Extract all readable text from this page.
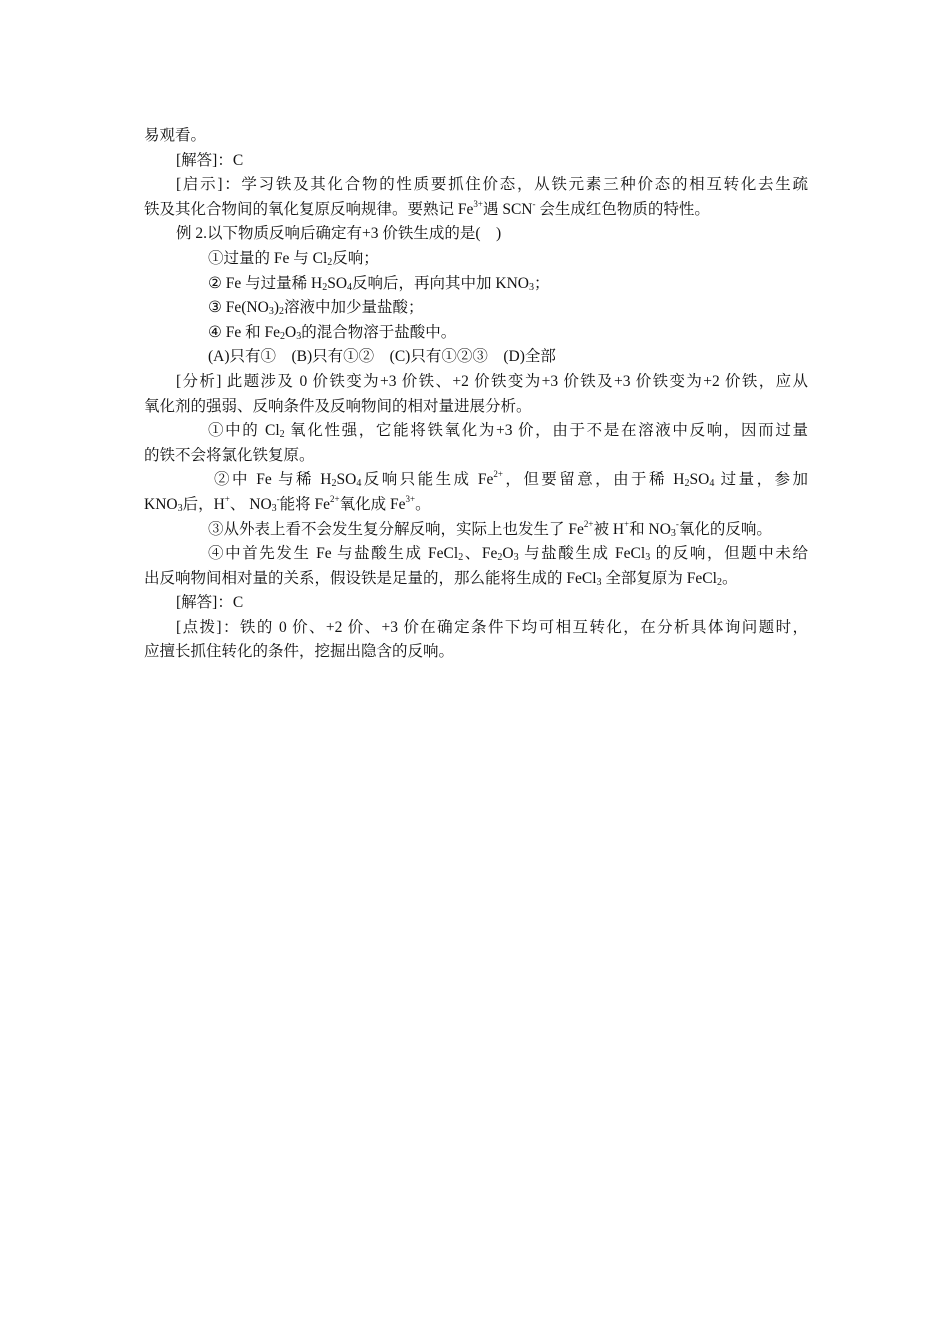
易观看。
[解答]：C
[启示]：学习铁及其化合物的性质要抓住价态，从铁元素三种价态的相互转化去生疏
铁及其化合物间的氧化复原反响规律。要熟记 $Fe^{3+}$遇 SCN- 会生成红色物质的特性。
例 2.以下物质反响后确定有+3 价铁生成的是(　)
①过量的 Fe 与 $Cl_2$反响；
② Fe 与过量稀 $H_2SO_4$反响后，再向其中加 $KNO_3$；
③ $Fe(NO_3)_2$溶液中加少量盐酸；
④ Fe 和 $Fe_2O_3$的混合物溶于盐酸中。
(A)只有①　(B)只有①②　(C)只有①②③　(D)全部
[分析] 此题涉及 0 价铁变为+3 价铁、+2 价铁变为+3 价铁及+3 价铁变为+2 价铁，应从
氧化剂的强弱、反响条件及反响物间的相对量进展分析。
①中的 $Cl_2$ 氧化性强，它能将铁氧化为+3 价，由于不是在溶液中反响，因而过量
的铁不会将氯化铁复原。
②中 Fe 与稀 $H_2SO_4$反响只能生成 $Fe^{2+}$，但要留意，由于稀 $H_2SO_4$ 过量，参加
$KNO_3$后，H+、 $NO_3^-$能将 $Fe^{2+}$氧化成 $Fe^{3+}$。
③从外表上看不会发生复分解反响，实际上也发生了 $Fe^{2+}$被 H+和 $NO_3^-$氧化的反响。
④中首先发生 Fe 与盐酸生成 FeCl$_2$、$Fe_2O_3$ 与盐酸生成 FeCl$_3$ 的反响，但题中未给
出反响物间相对量的关系，假设铁是足量的，那么能将生成的 FeCl$_3$ 全部复原为 FeCl$_2$。
[解答]：C
[点拨]：铁的 0 价、+2 价、+3 价在确定条件下均可相互转化，在分析具体询问题时，
应擅长抓住转化的条件，挖掘出隐含的反响。
